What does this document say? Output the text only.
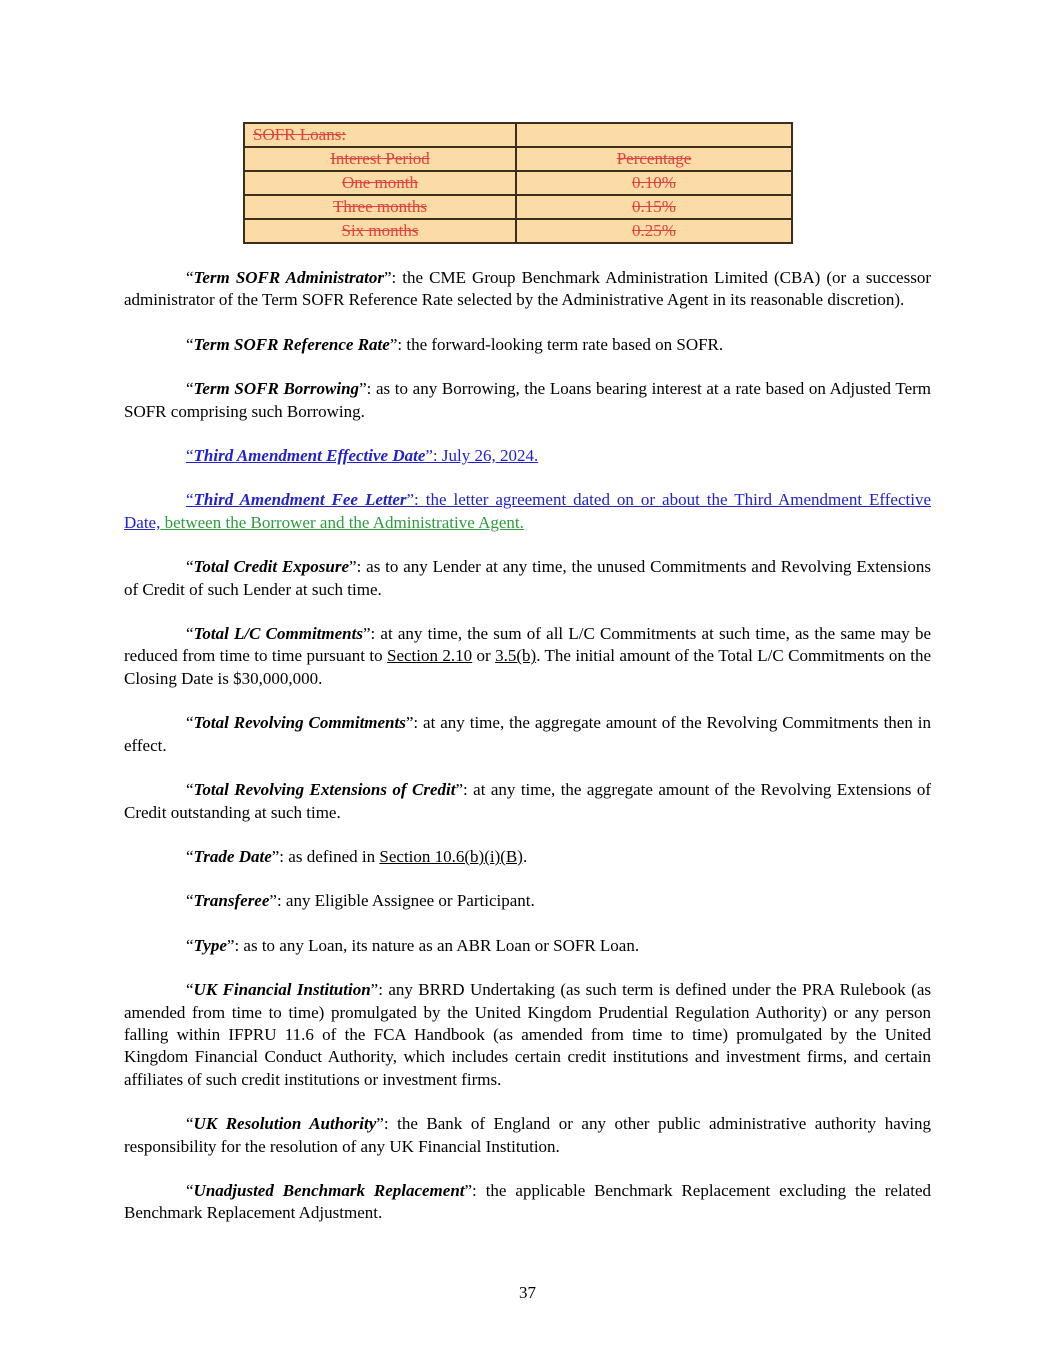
SOFR Loans:	
Interest Period	Percentage
One month	0.10%
Three months	0.15%
Six months	0.25%

“Term SOFR Administrator”: the CME Group Benchmark Administration Limited (CBA) (or a successor administrator of the Term SOFR Reference Rate selected by the Administrative Agent in its reasonable discretion).

“Term SOFR Reference Rate”: the forward-looking term rate based on SOFR.

“Term SOFR Borrowing”: as to any Borrowing, the Loans bearing interest at a rate based on Adjusted Term SOFR comprising such Borrowing.

“Third Amendment Effective Date”: July 26, 2024.

“Third Amendment Fee Letter”: the letter agreement dated on or about the Third Amendment Effective Date, between the Borrower and the Administrative Agent.

“Total Credit Exposure”: as to any Lender at any time, the unused Commitments and Revolving Extensions of Credit of such Lender at such time.

“Total L/C Commitments”: at any time, the sum of all L/C Commitments at such time, as the same may be reduced from time to time pursuant to Section 2.10 or 3.5(b). The initial amount of the Total L/C Commitments on the Closing Date is $30,000,000.

“Total Revolving Commitments”: at any time, the aggregate amount of the Revolving Commitments then in effect.

“Total Revolving Extensions of Credit”: at any time, the aggregate amount of the Revolving Extensions of Credit outstanding at such time.

“Trade Date”: as defined in Section 10.6(b)(i)(B).

“Transferee”: any Eligible Assignee or Participant.

“Type”: as to any Loan, its nature as an ABR Loan or SOFR Loan.

“UK Financial Institution”: any BRRD Undertaking (as such term is defined under the PRA Rulebook (as amended from time to time) promulgated by the United Kingdom Prudential Regulation Authority) or any person falling within IFPRU 11.6 of the FCA Handbook (as amended from time to time) promulgated by the United Kingdom Financial Conduct Authority, which includes certain credit institutions and investment firms, and certain affiliates of such credit institutions or investment firms.

“UK Resolution Authority”: the Bank of England or any other public administrative authority having responsibility for the resolution of any UK Financial Institution.

“Unadjusted Benchmark Replacement”: the applicable Benchmark Replacement excluding the related Benchmark Replacement Adjustment.

37
